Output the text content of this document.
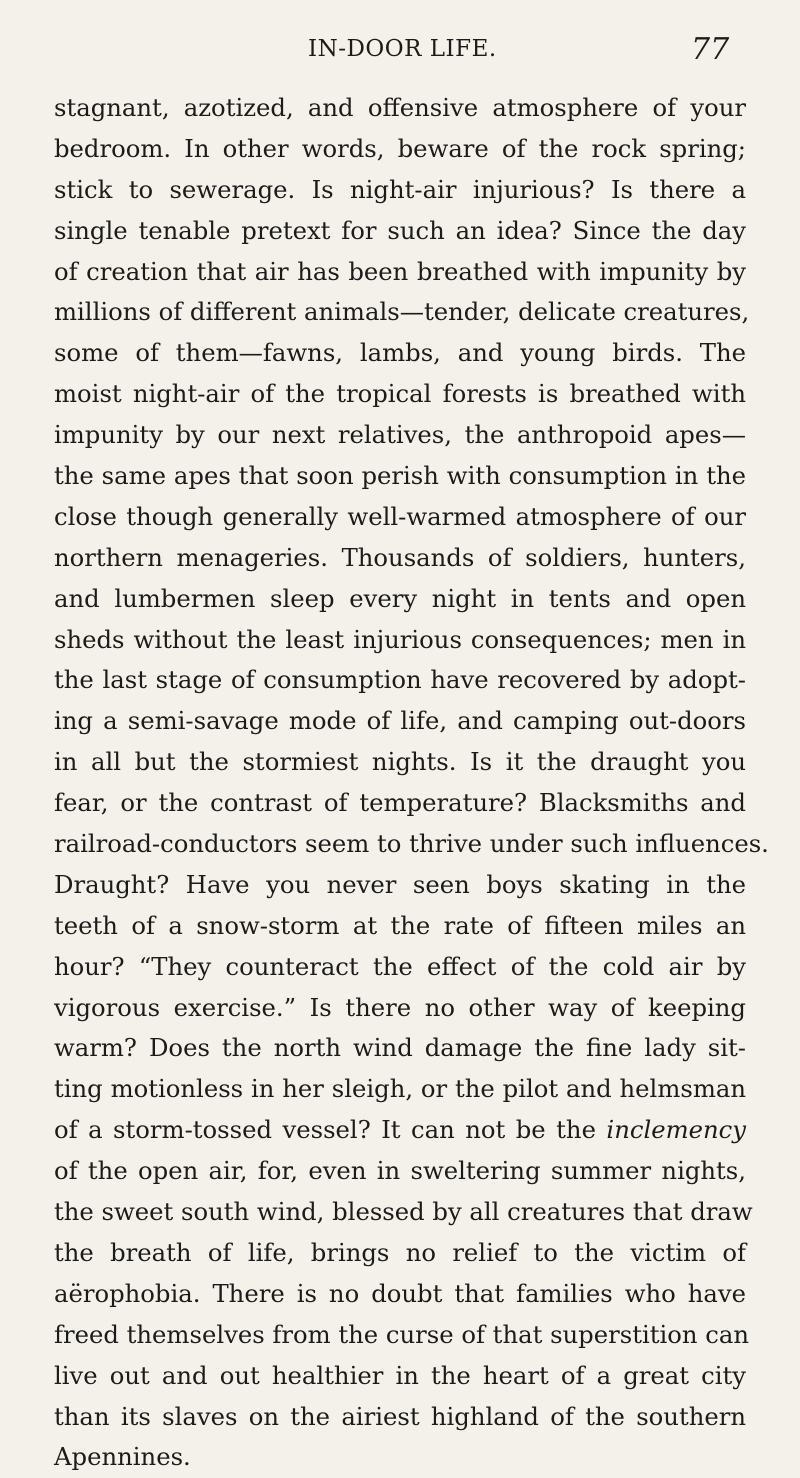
IN-DOOR LIFE.	77
stagnant, azotized, and offensive atmosphere of your
bedroom. In other words, beware of the rock spring;
stick to sewerage. Is night-air injurious? Is there a
single tenable pretext for such an idea? Since the day
of creation that air has been breathed with impunity by
millions of different animals—tender, delicate creatures,
some of them—fawns, lambs, and young birds. The
moist night-air of the tropical forests is breathed with
impunity by our next relatives, the anthropoid apes—
the same apes that soon perish with consumption in the
close though generally well-warmed atmosphere of our
northern menageries. Thousands of soldiers, hunters,
and lumbermen sleep every night in tents and open
sheds without the least injurious consequences; men in
the last stage of consumption have recovered by adopt-
ing a semi-savage mode of life, and camping out-doors
in all but the stormiest nights. Is it the draught you
fear, or the contrast of temperature? Blacksmiths and
railroad-conductors seem to thrive under such influences.
Draught? Have you never seen boys skating in the
teeth of a snow-storm at the rate of fifteen miles an
hour? “They counteract the effect of the cold air by
vigorous exercise.” Is there no other way of keeping
warm? Does the north wind damage the fine lady sit-
ting motionless in her sleigh, or the pilot and helmsman
of a storm-tossed vessel? It can not be the inclemency
of the open air, for, even in sweltering summer nights,
the sweet south wind, blessed by all creatures that draw
the breath of life, brings no relief to the victim of
aërophobia. There is no doubt that families who have
freed themselves from the curse of that superstition can
live out and out healthier in the heart of a great city
than its slaves on the airiest highland of the southern
Apennines.
